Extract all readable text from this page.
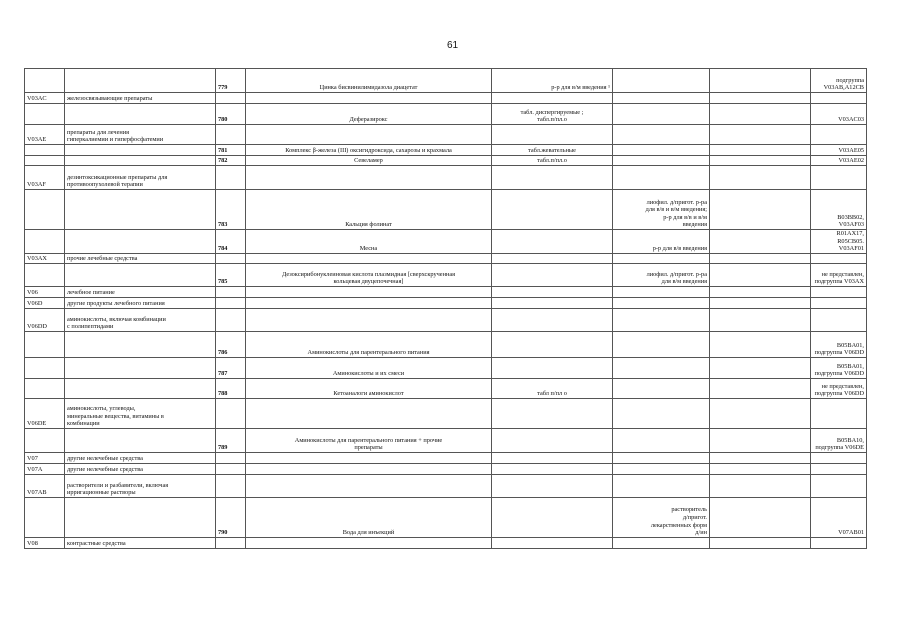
61
		779	Цинка бисвинилимидазола диацетат	р-р для в/м введения ¹			подгруппа
V03AB,A12CB
V03AC	железосвязывающие препараты						
		780	Деферазирокс	табл. диспергируемые ;
табл.п/пл.о			V03AC03
V03AE	препараты для лечения
гиперкалиемии и гиперфосфатемии						
		781	Комплекс β-железа (III) оксигидроксида, сахарозы и крахмала	табл.жевательные			V03AE05
		782	Севеламер	табл.п/пл.о			V03AE02
V03AF	дезинтоксикационные препараты для
противоопухолевой терапии						
		783	Кальция фолинат		лиофил. д/пригот. р-ра
для в/в и в/м введения;
р-р для в/в и в/м
введения		B03BB02, V03AF03
		784	Месна		р-р для в/в введения		R01AX17,
R05CB05. V03AF01
V03AX	прочие лечебные средства						
		785	Дезоксирибонуклеиновая кислота плазмидная [сверхскрученная
кольцевая двуцепочечная]		лиофил. д/пригот. р-ра
для в/м введения		не представлен,
подгруппа V03AX
V06	лечебное питание						
V06D	другие продукты лечебного питания						
V06DD	аминокислоты, включая комбинации
с полипептидами						
		786	Аминокислоты для парентерального питания				B05BA01,
подгруппа V06DD
		787	Аминокислоты и их смеси				B05BA01,
подгруппа V06DD
		788	Кетоаналоги аминокислот	табл п/пл о			не представлен,
подгруппа V06DD
V06DE	аминокислоты, углеводы,
минеральные вещества, витамины в
комбинации						
		789	Аминокислоты для парентерального питания + прочие
препараты				B05BA10,
подгруппа V06DE
V07	другие нелечебные средства						
V07A	другие нелечебные средства						
V07AB	растворители и разбавители, включая
ирригационные растворы						
		790	Вода для инъекций		растворитель
д/пригот.
лекарственных форм
д/ин		V07AB01
V08	контрастные средства						
